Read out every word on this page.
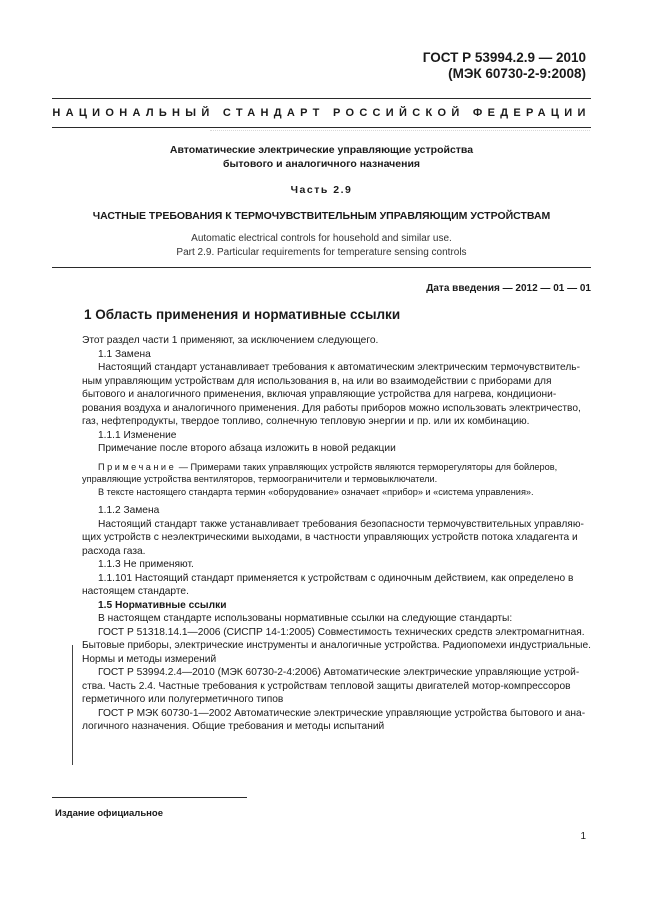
ГОСТ Р 53994.2.9 — 2010
(МЭК 60730-2-9:2008)
НАЦИОНАЛЬНЫЙ СТАНДАРТ РОССИЙСКОЙ ФЕДЕРАЦИИ
Автоматические электрические управляющие устройства
бытового и аналогичного назначения
Часть 2.9
ЧАСТНЫЕ ТРЕБОВАНИЯ К ТЕРМОЧУВСТВИТЕЛЬНЫМ УПРАВЛЯЮЩИМ УСТРОЙСТВАМ
Automatic electrical controls for household and similar use.
Part 2.9. Particular requirements for temperature sensing controls
Дата введения — 2012 — 01 — 01
1 Область применения и нормативные ссылки

Этот раздел части 1 применяют, за исключением следующего.

1.1 Замена

Настоящий стандарт устанавливает требования к автоматическим электрическим термочувствительным управляющим устройствам для использования в, на или во взаимодействии с приборами для бытового и аналогичного применения, включая управляющие устройства для нагрева, кондиционирования воздуха и аналогичного применения. Для работы приборов можно использовать электричество, газ, нефтепродукты, твердое топливо, солнечную тепловую энергии и пр. или их комбинацию.

1.1.1 Изменение

Примечание после второго абзаца изложить в новой редакции

Примечание — Примерами таких управляющих устройств являются терморегуляторы для бойлеров, управляющие устройства вентиляторов, термоограничители и термовыключатели.

В тексте настоящего стандарта термин «оборудование» означает «прибор» и «система управления».

1.1.2 Замена

Настоящий стандарт также устанавливает требования безопасности термочувствительных управляющих устройств с неэлектрическими выходами, в частности управляющих устройств потока хладагента и расхода газа.

1.1.3 Не применяют.

1.1.101 Настоящий стандарт применяется к устройствам с одиночным действием, как определено в настоящем стандарте.

1.5 Нормативные ссылки

В настоящем стандарте использованы нормативные ссылки на следующие стандарты:

ГОСТ Р 51318.14.1—2006 (СИСПР 14-1:2005) Совместимость технических средств электромагнитная. Бытовые приборы, электрические инструменты и аналогичные устройства. Радиопомехи индустриальные. Нормы и методы измерений

ГОСТ Р 53994.2.4—2010 (МЭК 60730-2-4:2006) Автоматические электрические управляющие устройства. Часть 2.4. Частные требования к устройствам тепловой защиты двигателей мотор-компрессоров герметичного или полугерметичного типов

ГОСТ Р МЭК 60730-1—2002 Автоматические электрические управляющие устройства бытового и аналогичного назначения. Общие требования и методы испытаний

Издание официальное
1
